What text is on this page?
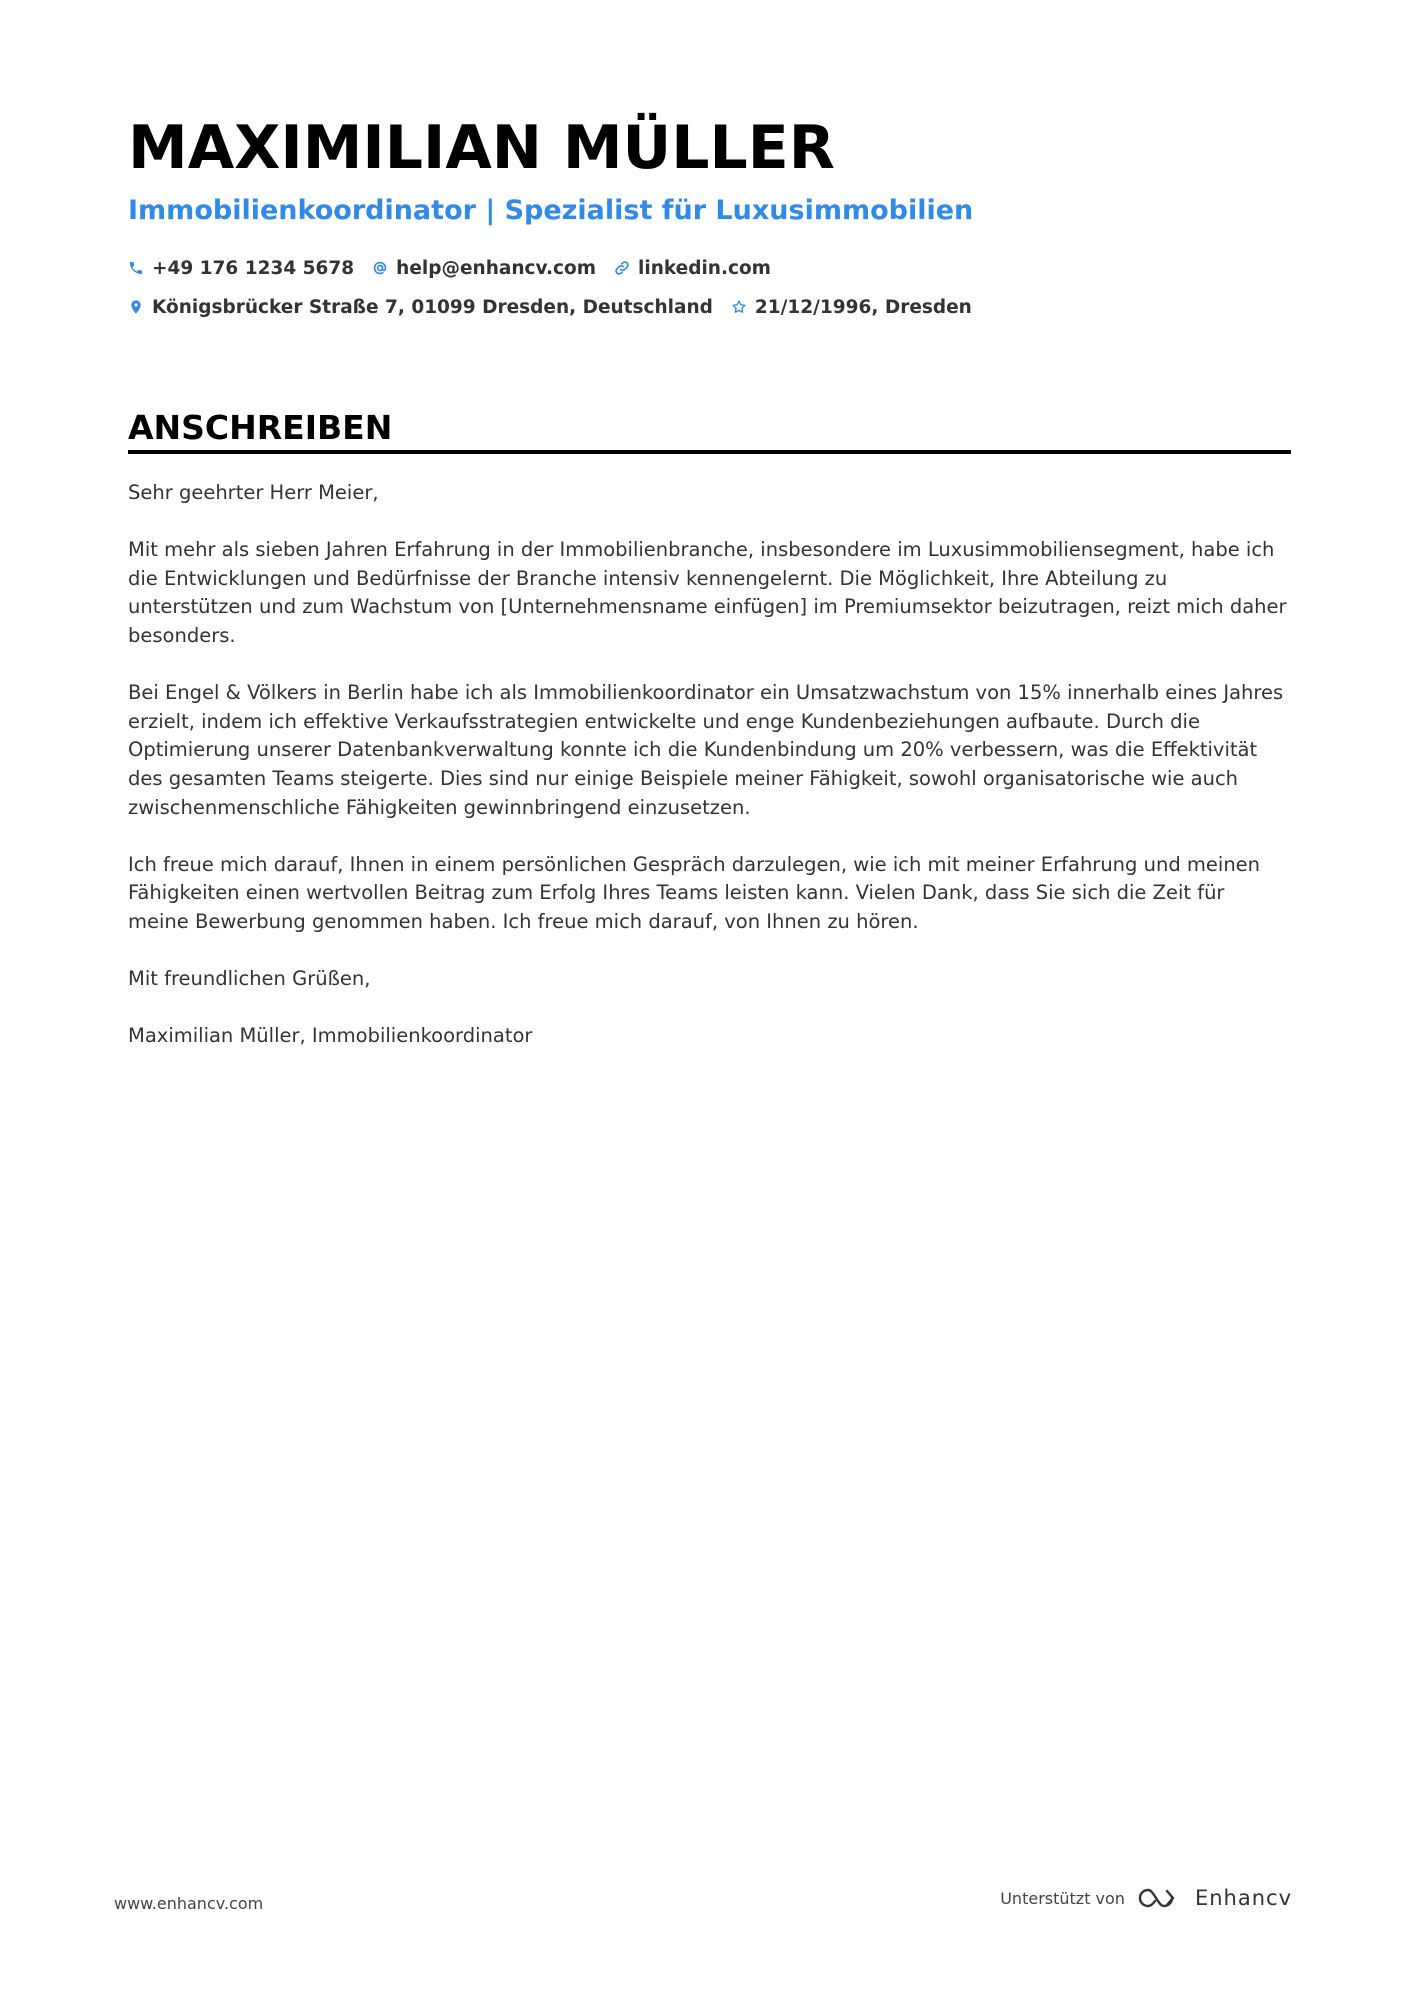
MAXIMILIAN MÜLLER
Immobilienkoordinator | Spezialist für Luxusimmobilien
+49 176 1234 5678 help@enhancv.com linkedin.com
Königsbrücker Straße 7, 01099 Dresden, Deutschland 21/12/1996, Dresden
ANSCHREIBEN

Sehr geehrter Herr Meier,

Mit mehr als sieben Jahren Erfahrung in der Immobilienbranche, insbesondere im Luxusimmobiliensegment, habe ich die Entwicklungen und Bedürfnisse der Branche intensiv kennengelernt. Die Möglichkeit, Ihre Abteilung zu unterstützen und zum Wachstum von [Unternehmensname einfügen] im Premiumsektor beizutragen, reizt mich daher besonders.

Bei Engel & Völkers in Berlin habe ich als Immobilienkoordinator ein Umsatzwachstum von 15% innerhalb eines Jahres erzielt, indem ich effektive Verkaufsstrategien entwickelte und enge Kundenbeziehungen aufbaute. Durch die Optimierung unserer Datenbankverwaltung konnte ich die Kundenbindung um 20% verbessern, was die Effektivität des gesamten Teams steigerte. Dies sind nur einige Beispiele meiner Fähigkeit, sowohl organisatorische wie auch zwischenmenschliche Fähigkeiten gewinnbringend einzusetzen.

Ich freue mich darauf, Ihnen in einem persönlichen Gespräch darzulegen, wie ich mit meiner Erfahrung und meinen Fähigkeiten einen wertvollen Beitrag zum Erfolg Ihres Teams leisten kann. Vielen Dank, dass Sie sich die Zeit für meine Bewerbung genommen haben. Ich freue mich darauf, von Ihnen zu hören.

Mit freundlichen Grüßen,

Maximilian Müller, Immobilienkoordinator

www.enhancv.com	Unterstützt von	Enhancv
